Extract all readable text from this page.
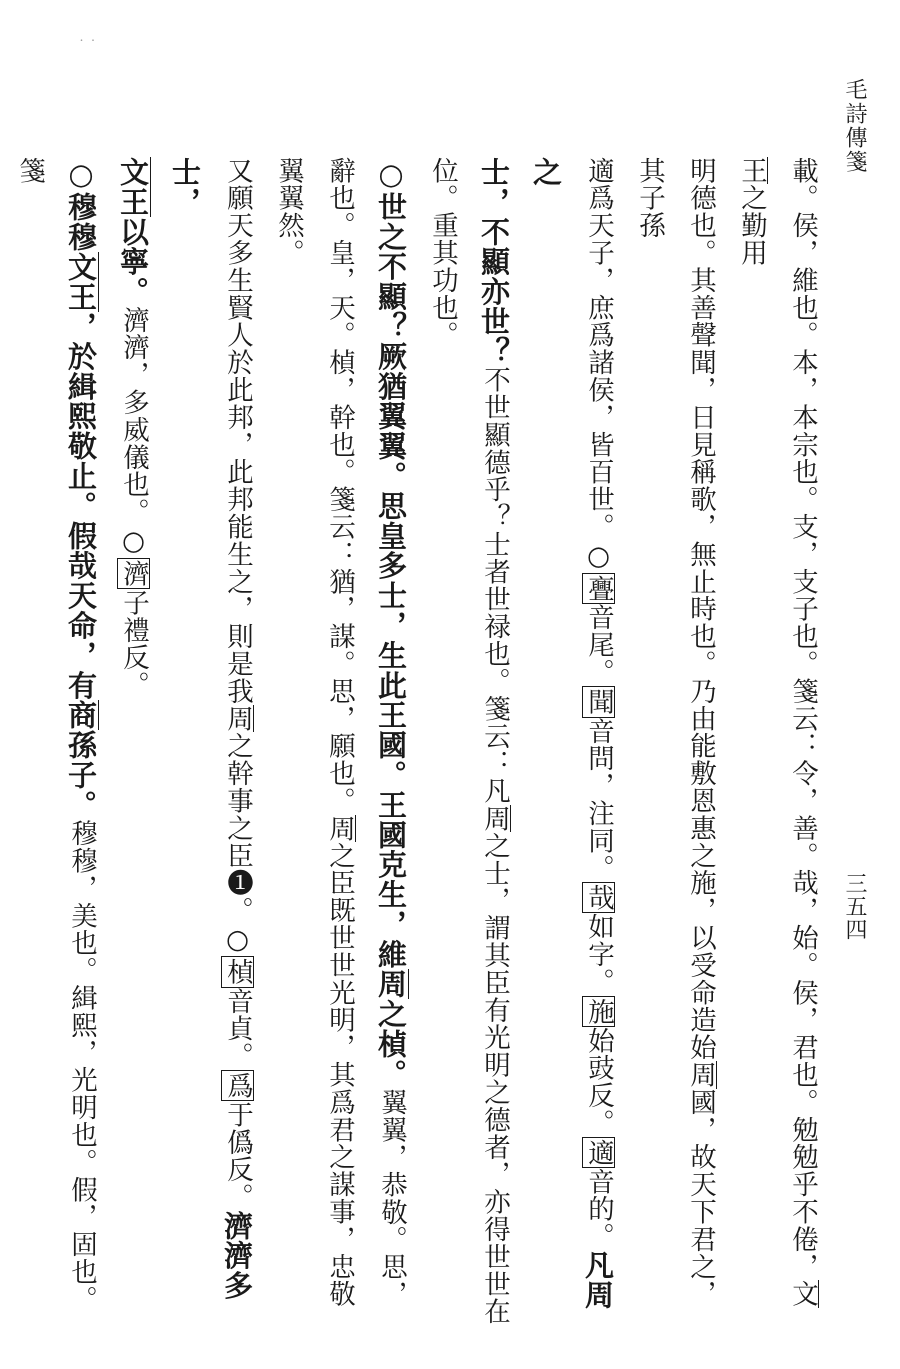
˙ ˙
毛詩傳箋
三五四
載。侯，維也。本，本宗也。支，支子也。箋云：令，善。哉，始。侯，君也。勉勉乎不倦，文王之勤用
明德也。其善聲聞，日見稱歌，無止時也。乃由能敷恩惠之施，以受命造始周國，故天下君之，其子孫
適爲天子，庶爲諸侯，皆百世。○亹音尾。聞音問，注同。哉如字。施始豉反。適音的。凡周之
士，不顯亦世？不世顯德乎？士者世禄也。箋云：凡周之士，謂其臣有光明之德者，亦得世世在
位。重其功也。
○世之不顯？厥猶翼翼。思皇多士，生此王國。王國克生，維周之楨。翼翼，恭敬。思，
辭也。皇，天。楨，幹也。箋云：猶，謀。思，願也。周之臣既世世光明，其爲君之謀事，忠敬翼翼然。
又願天多生賢人於此邦，此邦能生之，則是我周之幹事之臣❶。○楨音貞。爲于僞反。濟濟多士，
文王以寧。濟濟，多威儀也。○濟子禮反。
○穆穆文王，於緝熙敬止。假哉天命，有商孫子。穆穆，美也。緝熙，光明也。假，固也。箋
